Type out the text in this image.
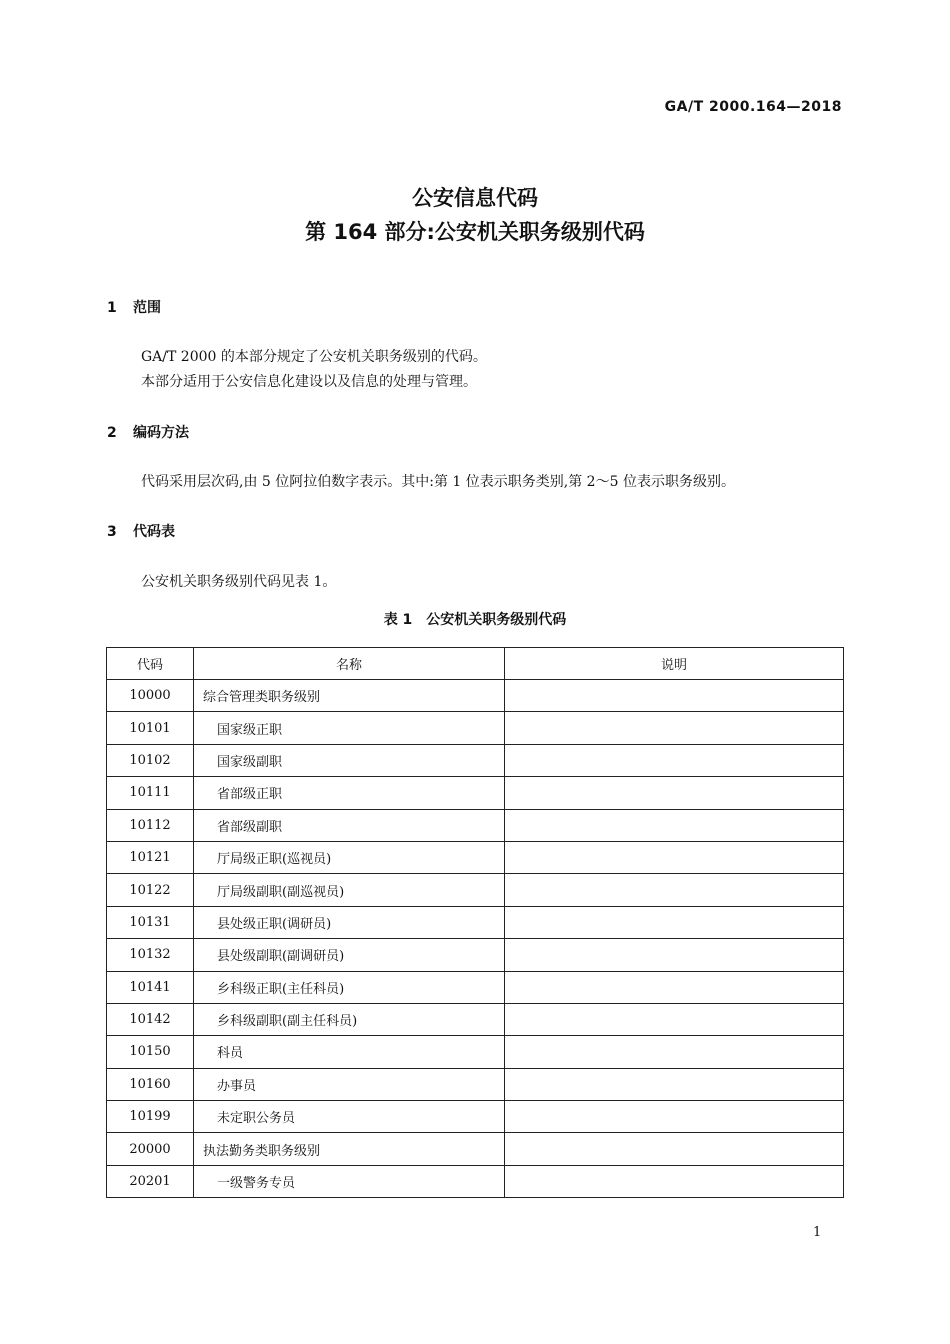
GA/T 2000.164—2018
公安信息代码
第 164 部分:公安机关职务级别代码
1 范围
GA/T 2000 的本部分规定了公安机关职务级别的代码。
本部分适用于公安信息化建设以及信息的处理与管理。
2 编码方法
代码采用层次码,由 5 位阿拉伯数字表示。其中:第 1 位表示职务类别,第 2～5 位表示职务级别。
3 代码表
公安机关职务级别代码见表 1。
表 1　公安机关职务级别代码
代码	名称	说明
10000	综合管理类职务级别	
10101	国家级正职	
10102	国家级副职	
10111	省部级正职	
10112	省部级副职	
10121	厅局级正职(巡视员)	
10122	厅局级副职(副巡视员)	
10131	县处级正职(调研员)	
10132	县处级副职(副调研员)	
10141	乡科级正职(主任科员)	
10142	乡科级副职(副主任科员)	
10150	科员	
10160	办事员	
10199	未定职公务员	
20000	执法勤务类职务级别	
20201	一级警务专员	
1
